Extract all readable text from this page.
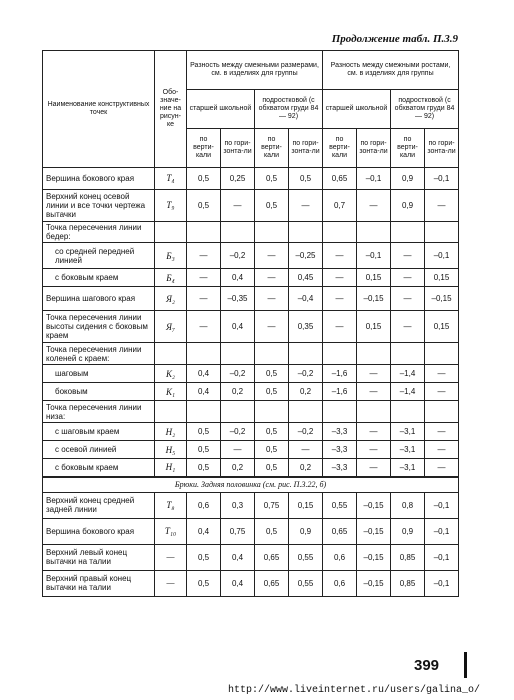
Продолжение табл. П.3.9
Наименование конструктивных точек	Обо-значе-ние на рисун-ке	Разность между смежными размерами, см. в изделиях для группы				Разность между смежными ростами, см. в изделиях для группы			
		старшей школьной		подростковой (с обхватом груди 84 — 92)		старшей школьной		подростковой (с обхватом груди 84 — 92)	
		по верти-кали	по гори-зонта-ли	по верти-кали	по гори-зонта-ли	по верти-кали	по гори-зонта-ли	по верти-кали	по гори-зонта-ли
Вершина бокового края	T₄	0,5	0,25	0,5	0,5	0,65	–0,1	0,9	–0,1
Верхний конец осевой линии и все точки чертежа вытачки	T₉	0,5	—	0,5	—	0,7	—	0,9	—
Точка пересечения линии бедер:									
со средней передней линией	Б₃	—	–0,2	—	–0,25	—	–0,1	—	–0,1
с боковым краем	Б₄	—	0,4	—	0,45	—	0,15	—	0,15
Вершина шагового края	Я₂	—	–0,35	—	–0,4	—	–0,15	—	–0,15
Точка пересечения линии высоты сидения с боковым краем	Я₇	—	0,4	—	0,35	—	0,15	—	0,15
Точка пересечения линии коленей с краем:									
шаговым	К₂	0,4	–0,2	0,5	–0,2	–1,6	—	–1,4	—
боковым	К₁	0,4	0,2	0,5	0,2	–1,6	—	–1,4	—
Точка пересечения линии низа:									
с шаговым краем	Н₂	0,5	–0,2	0,5	–0,2	–3,3	—	–3,1	—
с осевой линией	Н₅	0,5	—	0,5	—	–3,3	—	–3,1	—
с боковым краем	Н₁	0,5	0,2	0,5	0,2	–3,3	—	–3,1	—
Брюки. Задняя половинка (см. рис. П.3.22, б)									
Верхний конец средней задней линии	Т₈	0,6	0,3	0,75	0,15	0,55	–0,15	0,8	–0,1
Вершина бокового края	Т₁₀	0,4	0,75	0,5	0,9	0,65	–0,15	0,9	–0,1
Верхний левый конец вытачки на талии	—	0,5	0,4	0,65	0,55	0,6	–0,15	0,85	–0,1
Верхний правый конец вытачки на талии	—	0,5	0,4	0,65	0,55	0,6	–0,15	0,85	–0,1
399
http://www.liveinternet.ru/users/galina_o/
